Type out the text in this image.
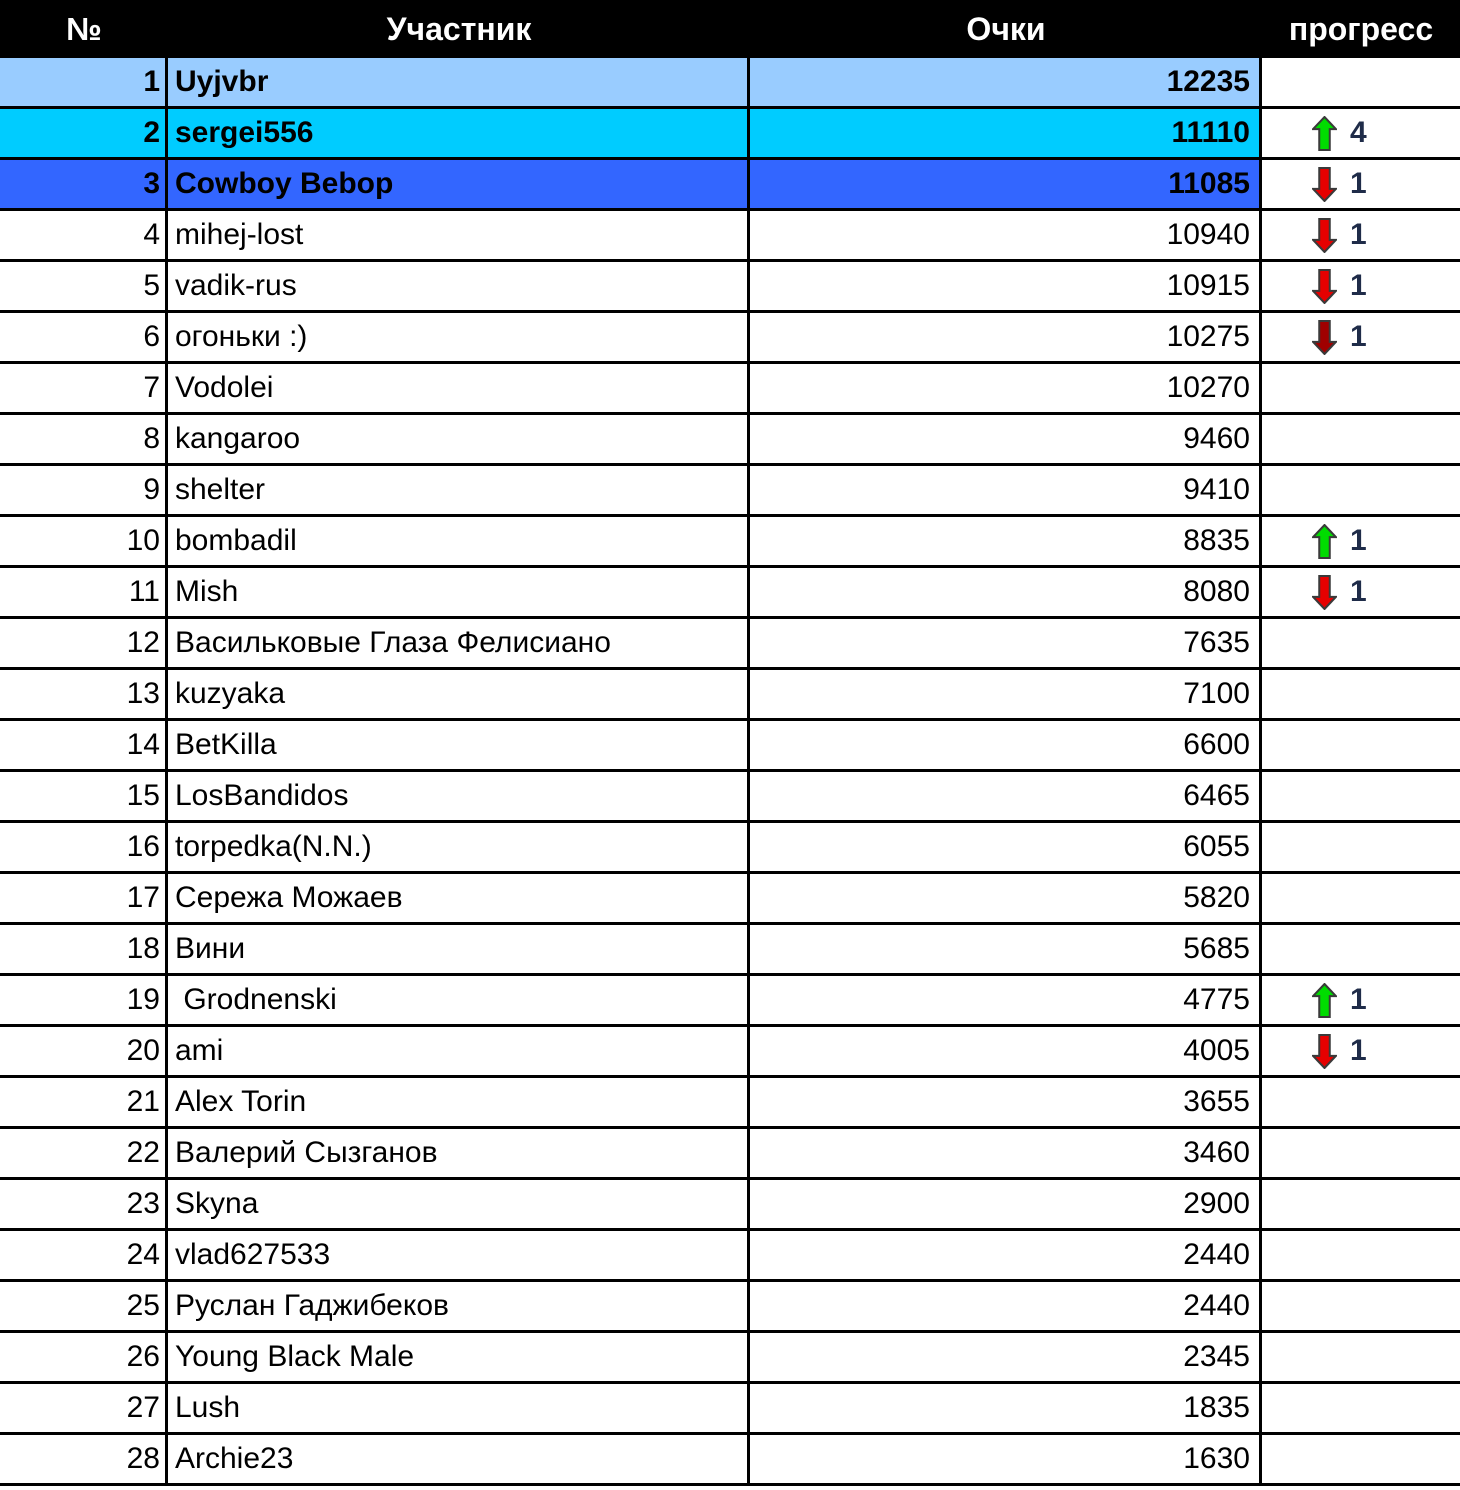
№	Участник	Очки	прогресс
1 Uyjvbr	12235
2 sergei556	11110	4
3 Cowboy Bebop	11085	1
4 mihej-lost	10940	1
5 vadik-rus	10915	1
6 огоньки :)	10275	1
7 Vodolei	10270
8 kangaroo	9460
9 shelter	9410
10 bombadil	8835	1
11 Mish	8080	1
12 Васильковые Глаза Фелисиано	7635
13 kuzyaka	7100
14 BetKilla	6600
15 LosBandidos	6465
16 torpedka(N.N.)	6055
17 Сережа Можаев	5820
18 Вини	5685
19 Grodnenski	4775	1
20 ami	4005	1
21 Alex Torin	3655
22 Валерий Сызганов	3460
23 Skyna	2900
24 vlad627533	2440
25 Руслан Гаджибеков	2440
26 Young Black Male	2345
27 Lush	1835
28 Archie23	1630
